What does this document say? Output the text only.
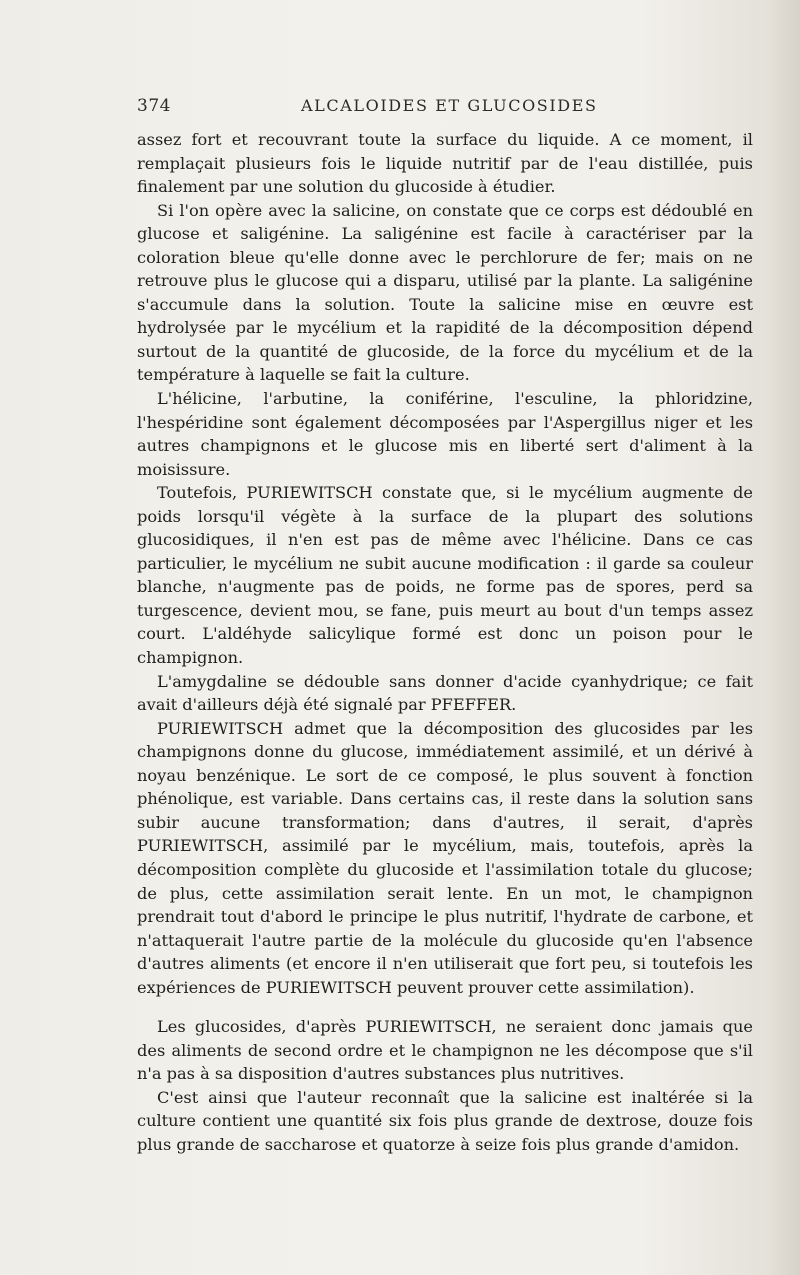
374	ALCALOIDES ET GLUCOSIDES

assez fort et recouvrant toute la surface du liquide. A ce moment, il remplaçait plusieurs fois le liquide nutritif par de l'eau distillée, puis finalement par une solution du glucoside à étudier.

Si l'on opère avec la salicine, on constate que ce corps est dédoublé en glucose et saligénine. La saligénine est facile à caractériser par la coloration bleue qu'elle donne avec le perchlorure de fer; mais on ne retrouve plus le glucose qui a disparu, utilisé par la plante. La saligénine s'accumule dans la solution. Toute la salicine mise en œuvre est hydrolysée par le mycélium et la rapidité de la décomposition dépend surtout de la quantité de glucoside, de la force du mycélium et de la température à laquelle se fait la culture.

L'hélicine, l'arbutine, la coniférine, l'esculine, la phloridzine, l'hespéridine sont également décomposées par l'Aspergillus niger et les autres champignons et le glucose mis en liberté sert d'aliment à la moisissure.

Toutefois, PURIEWITSCH constate que, si le mycélium augmente de poids lorsqu'il végète à la surface de la plupart des solutions glucosidiques, il n'en est pas de même avec l'hélicine. Dans ce cas particulier, le mycélium ne subit aucune modification : il garde sa couleur blanche, n'augmente pas de poids, ne forme pas de spores, perd sa turgescence, devient mou, se fane, puis meurt au bout d'un temps assez court. L'aldéhyde salicylique formé est donc un poison pour le champignon.

L'amygdaline se dédouble sans donner d'acide cyanhydrique; ce fait avait d'ailleurs déjà été signalé par PFEFFER.

PURIEWITSCH admet que la décomposition des glucosides par les champignons donne du glucose, immédiatement assimilé, et un dérivé à noyau benzénique. Le sort de ce composé, le plus souvent à fonction phénolique, est variable. Dans certains cas, il reste dans la solution sans subir aucune transformation; dans d'autres, il serait, d'après PURIEWITSCH, assimilé par le mycélium, mais, toutefois, après la décomposition complète du glucoside et l'assimilation totale du glucose; de plus, cette assimilation serait lente. En un mot, le champignon prendrait tout d'abord le principe le plus nutritif, l'hydrate de carbone, et n'attaquerait l'autre partie de la molécule du glucoside qu'en l'absence d'autres aliments (et encore il n'en utiliserait que fort peu, si toutefois les expériences de PURIEWITSCH peuvent prouver cette assimilation).

Les glucosides, d'après PURIEWITSCH, ne seraient donc jamais que des aliments de second ordre et le champignon ne les décompose que s'il n'a pas à sa disposition d'autres substances plus nutritives.

C'est ainsi que l'auteur reconnaît que la salicine est inaltérée si la culture contient une quantité six fois plus grande de dextrose, douze fois plus grande de saccharose et quatorze à seize fois plus grande d'amidon.
